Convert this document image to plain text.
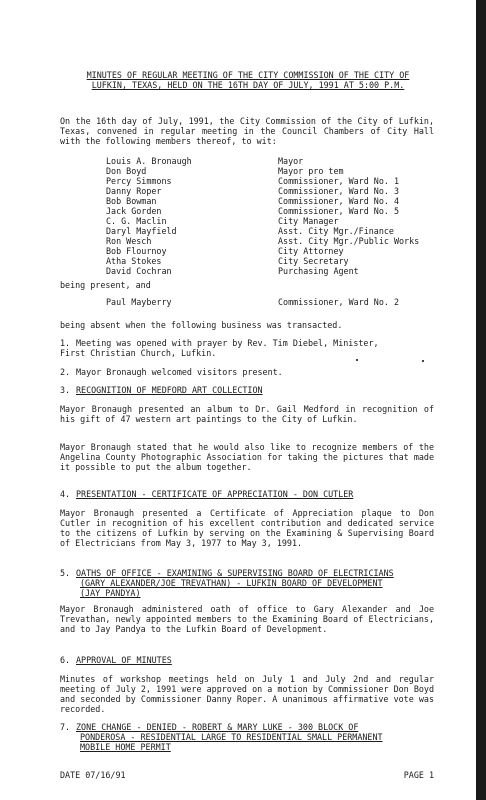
MINUTES OF REGULAR MEETING OF THE CITY COMMISSION OF THE CITY OF
LUFKIN, TEXAS, HELD ON THE 16TH DAY OF JULY, 1991 AT 5:00 P.M.
On the 16th day of July, 1991, the City Commission of the City of Lufkin, Texas, convened in regular meeting in the Council Chambers of City Hall with the following members thereof, to wit:
Louis A. Bronaugh	Mayor
Don Boyd	Mayor pro tem
Percy Simmons	Commissioner, Ward No. 1
Danny Roper	Commissioner, Ward No. 3
Bob Bowman	Commissioner, Ward No. 4
Jack Gorden	Commissioner, Ward No. 5
C. G. Maclin	City Manager
Daryl Mayfield	Asst. City Mgr./Finance
Ron Wesch	Asst. City Mgr./Public Works
Bob Flournoy	City Attorney
Atha Stokes	City Secretary
David Cochran	Purchasing Agent
being present, and
Paul Mayberry	Commissioner, Ward No. 2
being absent when the following business was transacted.
1. Meeting was opened with prayer by Rev. Tim Diebel, Minister,
First Christian Church, Lufkin.
2. Mayor Bronaugh welcomed visitors present.
3. RECOGNITION OF MEDFORD ART COLLECTION
Mayor Bronaugh presented an album to Dr. Gail Medford in recognition of his gift of 47 western art paintings to the City of Lufkin.
Mayor Bronaugh stated that he would also like to recognize members of the Angelina County Photographic Association for taking the pictures that made it possible to put the album together.
4. PRESENTATION - CERTIFICATE OF APPRECIATION - DON CUTLER
Mayor Bronaugh presented a Certificate of Appreciation plaque to Don Cutler in recognition of his excellent contribution and dedicated service to the citizens of Lufkin by serving on the Examining & Supervising Board of Electricians from May 3, 1977 to May 3, 1991.
5. OATHS OF OFFICE - EXAMINING & SUPERVISING BOARD OF ELECTRICIANS
(GARY ALEXANDER/JOE TREVATHAN) - LUFKIN BOARD OF DEVELOPMENT
(JAY PANDYA)
Mayor Bronaugh administered oath of office to Gary Alexander and Joe Trevathan, newly appointed members to the Examining Board of Electricians, and to Jay Pandya to the Lufkin Board of Development.
6. APPROVAL OF MINUTES
Minutes of workshop meetings held on July 1 and July 2nd and regular meeting of July 2, 1991 were approved on a motion by Commissioner Don Boyd and seconded by Commissioner Danny Roper. A unanimous affirmative vote was recorded.
7. ZONE CHANGE - DENIED - ROBERT & MARY LUKE - 300 BLOCK OF
PONDEROSA - RESIDENTIAL LARGE TO RESIDENTIAL SMALL PERMANENT
MOBILE HOME PERMIT
DATE 07/16/91	PAGE 1
